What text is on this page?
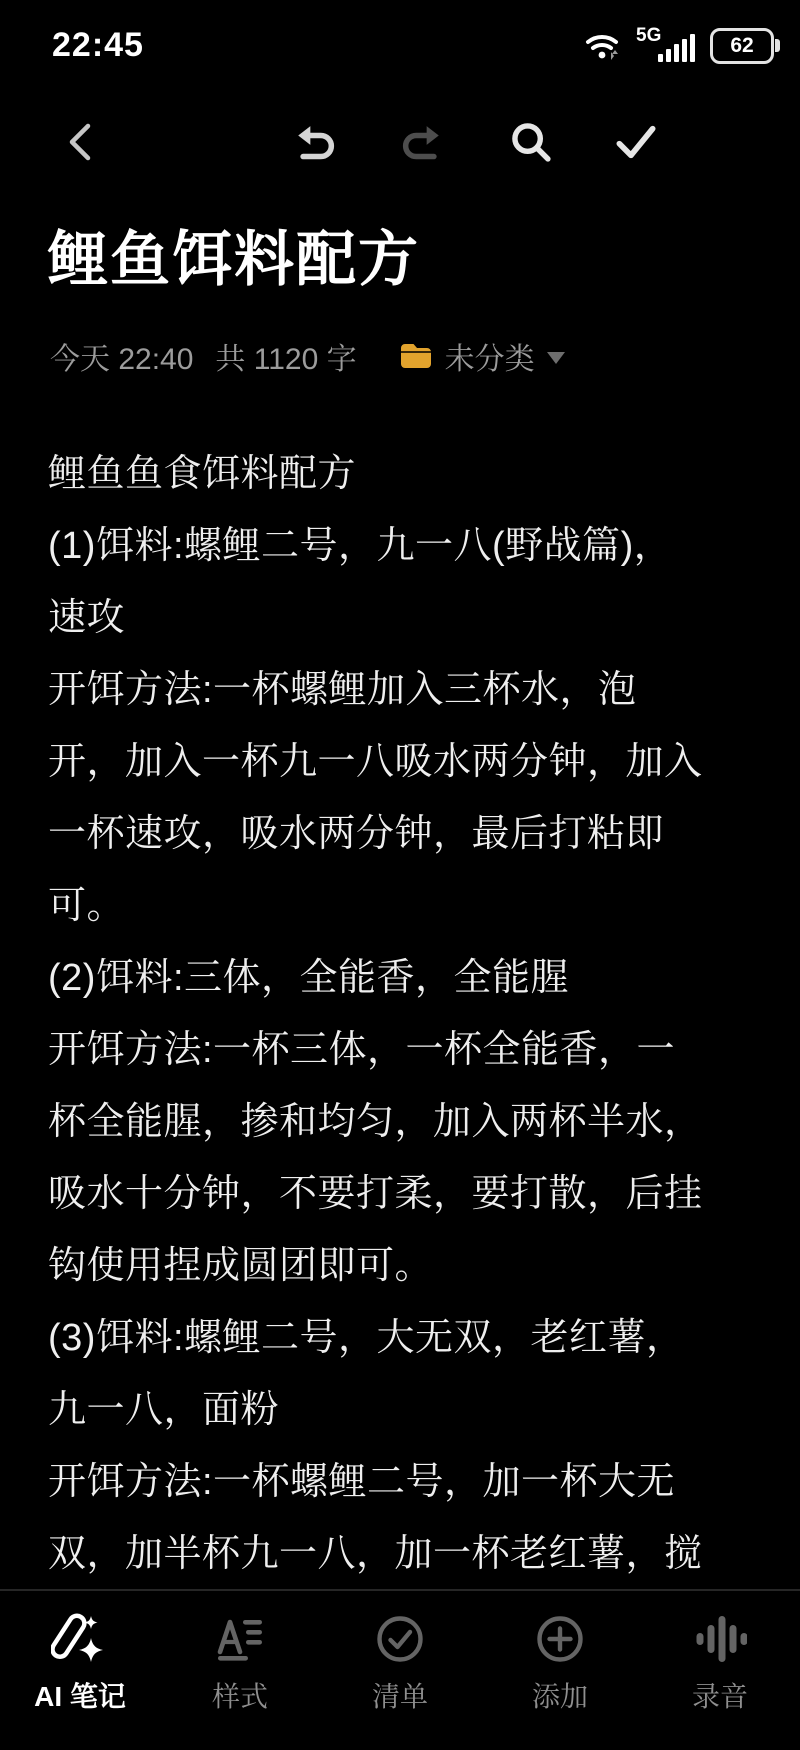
22:45	5G	62
鲤鱼饵料配方
今天 22:40 共 1120 字	未分类
鲤鱼鱼食饵料配方
(1)饵料:螺鲤二号，九一八(野战篇)，
速攻
开饵方法:一杯螺鲤加入三杯水，泡
开，加入一杯九一八吸水两分钟，加入
一杯速攻，吸水两分钟，最后打粘即
可。
(2)饵料:三体，全能香，全能腥
开饵方法:一杯三体，一杯全能香，一
杯全能腥，掺和均匀，加入两杯半水，
吸水十分钟，不要打柔，要打散，后挂
钩使用捏成圆团即可。
(3)饵料:螺鲤二号，大无双，老红薯，
九一八，面粉
开饵方法:一杯螺鲤二号，加一杯大无
双，加半杯九一八，加一杯老红薯，搅
AI 笔记	样式	清单	添加	录音
